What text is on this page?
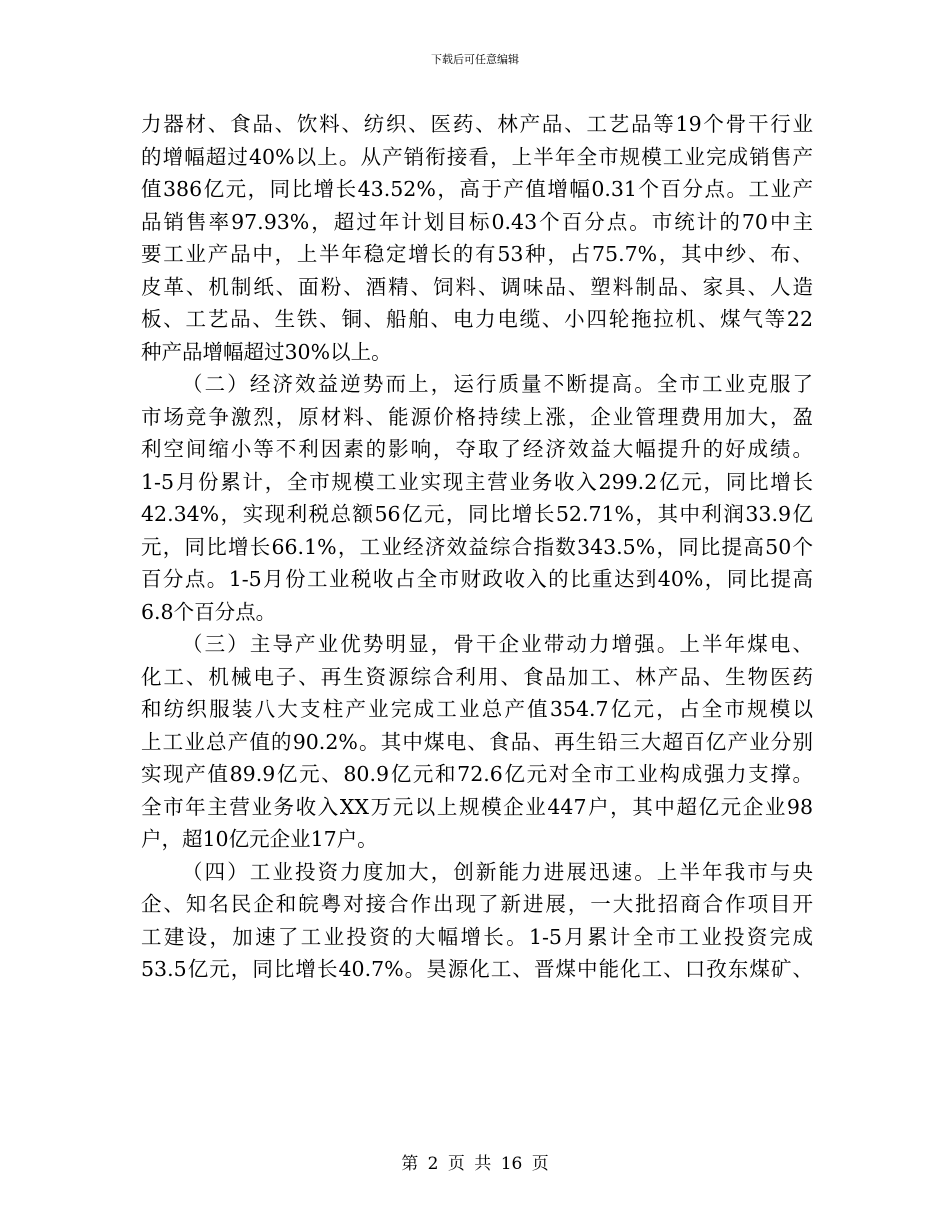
下载后可任意编辑
力器材、食品、饮料、纺织、医药、林产品、工艺品等19个骨干行业
的增幅超过40%以上。从产销衔接看，上半年全市规模工业完成销售产
值386亿元，同比增长43.52%，高于产值增幅0.31个百分点。工业产
品销售率97.93%，超过年计划目标0.43个百分点。市统计的70中主
要工业产品中，上半年稳定增长的有53种，占75.7%，其中纱、布、
皮革、机制纸、面粉、酒精、饲料、调味品、塑料制品、家具、人造
板、工艺品、生铁、铜、船舶、电力电缆、小四轮拖拉机、煤气等22
种产品增幅超过30%以上。
（二）经济效益逆势而上，运行质量不断提高。全市工业克服了
市场竞争激烈，原材料、能源价格持续上涨，企业管理费用加大，盈
利空间缩小等不利因素的影响，夺取了经济效益大幅提升的好成绩。
1-5月份累计，全市规模工业实现主营业务收入299.2亿元，同比增长
42.34%，实现利税总额56亿元，同比增长52.71%，其中利润33.9亿
元，同比增长66.1%，工业经济效益综合指数343.5%，同比提高50个
百分点。1-5月份工业税收占全市财政收入的比重达到40%，同比提高
6.8个百分点。
（三）主导产业优势明显，骨干企业带动力增强。上半年煤电、
化工、机械电子、再生资源综合利用、食品加工、林产品、生物医药
和纺织服装八大支柱产业完成工业总产值354.7亿元，占全市规模以
上工业总产值的90.2%。其中煤电、食品、再生铅三大超百亿产业分别
实现产值89.9亿元、80.9亿元和72.6亿元对全市工业构成强力支撑。
全市年主营业务收入XX万元以上规模企业447户，其中超亿元企业98
户，超10亿元企业17户。
（四）工业投资力度加大，创新能力进展迅速。上半年我市与央
企、知名民企和皖粤对接合作出现了新进展，一大批招商合作项目开
工建设，加速了工业投资的大幅增长。1-5月累计全市工业投资完成
53.5亿元，同比增长40.7%。昊源化工、晋煤中能化工、口孜东煤矿、
第 2 页 共 16 页
